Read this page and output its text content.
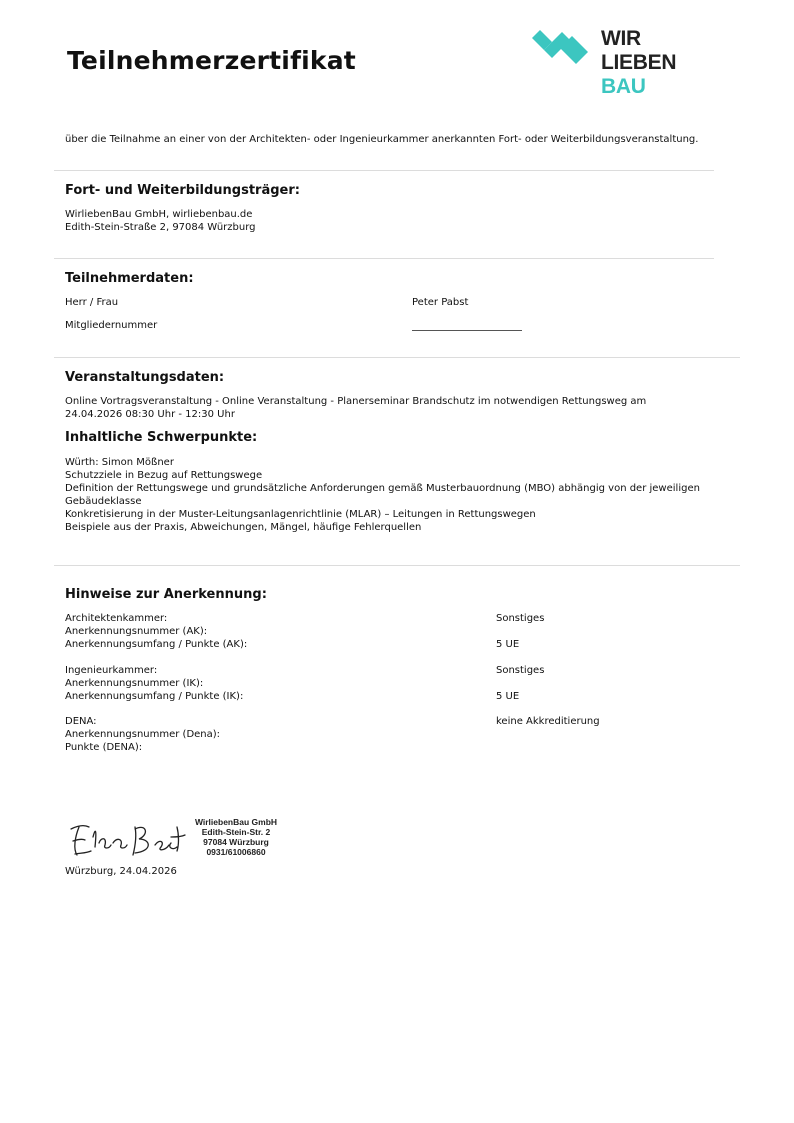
Teilnehmerzertifikat
WIR
LIEBEN
BAU
über die Teilnahme an einer von der Architekten- oder Ingenieurkammer anerkannten Fort- oder Weiterbildungsveranstaltung.
Fort- und Weiterbildungsträger:
WirliebenBau GmbH, wirliebenbau.de
Edith-Stein-Straße 2, 97084 Würzburg
Teilnehmerdaten:
Herr / Frau	Peter Pabst
Mitgliedernummer
Veranstaltungsdaten:
Online Vortragsveranstaltung - Online Veranstaltung - Planerseminar Brandschutz im notwendigen Rettungsweg am
24.04.2026 08:30 Uhr - 12:30 Uhr
Inhaltliche Schwerpunkte:
Würth: Simon Mößner
Schutzziele in Bezug auf Rettungswege
Definition der Rettungswege und grundsätzliche Anforderungen gemäß Musterbauordnung (MBO) abhängig von der jeweiligen
Gebäudeklasse
Konkretisierung in der Muster-Leitungsanlagenrichtlinie (MLAR) – Leitungen in Rettungswegen
Beispiele aus der Praxis, Abweichungen, Mängel, häufige Fehlerquellen
Hinweise zur Anerkennung:
Architektenkammer:	Sonstiges
Anerkennungsnummer (AK):
Anerkennungsumfang / Punkte (AK):	5 UE
Ingenieurkammer:	Sonstiges
Anerkennungsnummer (IK):
Anerkennungsumfang / Punkte (IK):	5 UE
DENA:	keine Akkreditierung
Anerkennungsnummer (Dena):
Punkte (DENA):
WirliebenBau GmbH
Edith-Stein-Str. 2
97084 Würzburg
0931/61006860
Würzburg, 24.04.2026
